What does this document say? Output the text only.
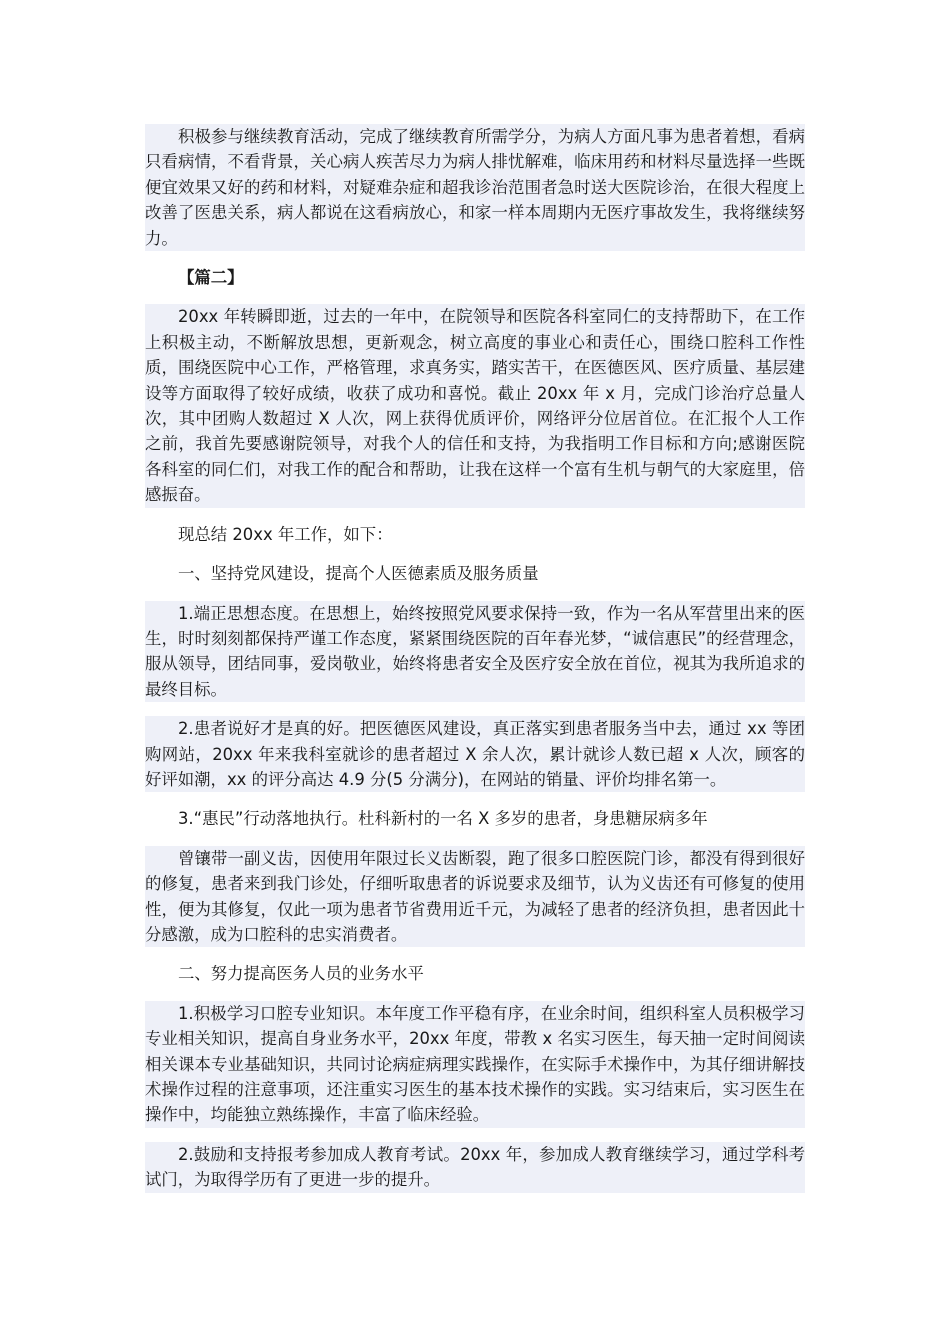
积极参与继续教育活动，完成了继续教育所需学分，为病人方面凡事为患者着想，看病只看病情，不看背景，关心病人疾苦尽力为病人排忧解难，临床用药和材料尽量选择一些既便宜效果又好的药和材料，对疑难杂症和超我诊治范围者急时送大医院诊治，在很大程度上改善了医患关系，病人都说在这看病放心，和家一样本周期内无医疗事故发生，我将继续努力。

【篇二】

20xx 年转瞬即逝，过去的一年中，在院领导和医院各科室同仁的支持帮助下，在工作上积极主动，不断解放思想，更新观念，树立高度的事业心和责任心，围绕口腔科工作性质，围绕医院中心工作，严格管理，求真务实，踏实苦干，在医德医风、医疗质量、基层建设等方面取得了较好成绩，收获了成功和喜悦。截止 20xx 年 x 月，完成门诊治疗总量人次，其中团购人数超过 X 人次，网上获得优质评价，网络评分位居首位。在汇报个人工作之前，我首先要感谢院领导，对我个人的信任和支持，为我指明工作目标和方向;感谢医院各科室的同仁们，对我工作的配合和帮助，让我在这样一个富有生机与朝气的大家庭里，倍感振奋。

现总结 20xx 年工作，如下：

一、坚持党风建设，提高个人医德素质及服务质量

1.端正思想态度。在思想上，始终按照党风要求保持一致，作为一名从军营里出来的医生，时时刻刻都保持严谨工作态度，紧紧围绕医院的百年春光梦，“诚信惠民”的经营理念，服从领导，团结同事，爱岗敬业，始终将患者安全及医疗安全放在首位，视其为我所追求的最终目标。

2.患者说好才是真的好。把医德医风建设，真正落实到患者服务当中去，通过 xx 等团购网站，20xx 年来我科室就诊的患者超过 X 余人次，累计就诊人数已超 x 人次，顾客的好评如潮，xx 的评分高达 4.9 分(5 分满分)，在网站的销量、评价均排名第一。

3.“惠民”行动落地执行。杜科新村的一名 X 多岁的患者，身患糖尿病多年

曾镶带一副义齿，因使用年限过长义齿断裂，跑了很多口腔医院门诊，都没有得到很好的修复，患者来到我门诊处，仔细听取患者的诉说要求及细节，认为义齿还有可修复的使用性，便为其修复，仅此一项为患者节省费用近千元，为减轻了患者的经济负担，患者因此十分感激，成为口腔科的忠实消费者。

二、努力提高医务人员的业务水平

1.积极学习口腔专业知识。本年度工作平稳有序，在业余时间，组织科室人员积极学习专业相关知识，提高自身业务水平，20xx 年度，带教 x 名实习医生，每天抽一定时间阅读相关课本专业基础知识，共同讨论病症病理实践操作，在实际手术操作中，为其仔细讲解技术操作过程的注意事项，还注重实习医生的基本技术操作的实践。实习结束后，实习医生在操作中，均能独立熟练操作，丰富了临床经验。

2.鼓励和支持报考参加成人教育考试。20xx 年，参加成人教育继续学习，通过学科考试门，为取得学历有了更进一步的提升。
